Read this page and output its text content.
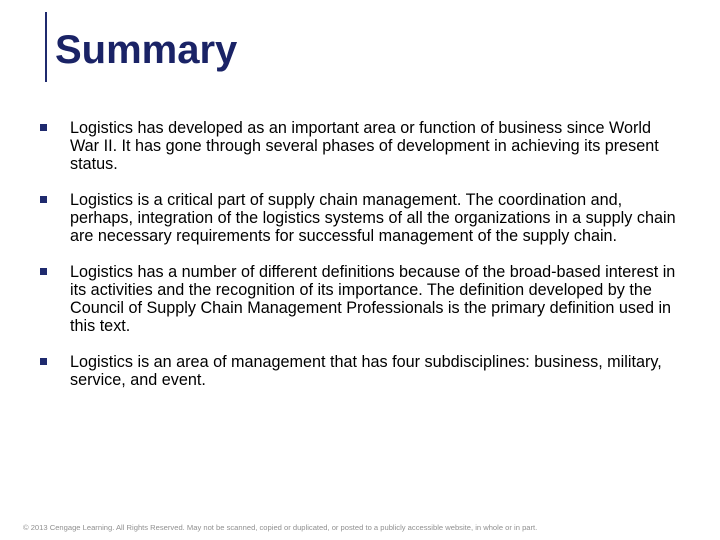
Summary
Logistics has developed as an important area or function of business since World War II. It has gone through several phases of development in achieving its present status.
Logistics is a critical part of supply chain management. The coordination and, perhaps, integration of the logistics systems of all the organizations in a supply chain are necessary requirements for successful management of the supply chain.
Logistics has a number of different definitions because of the broad-based interest in its activities and the recognition of its importance. The definition developed by the Council of Supply Chain Management Professionals is the primary definition used in this text.
Logistics is an area of management that has four subdisciplines: business, military, service, and event.

© 2013 Cengage Learning. All Rights Reserved. May not be scanned, copied or duplicated, or posted to a publicly accessible website, in whole or in part.
